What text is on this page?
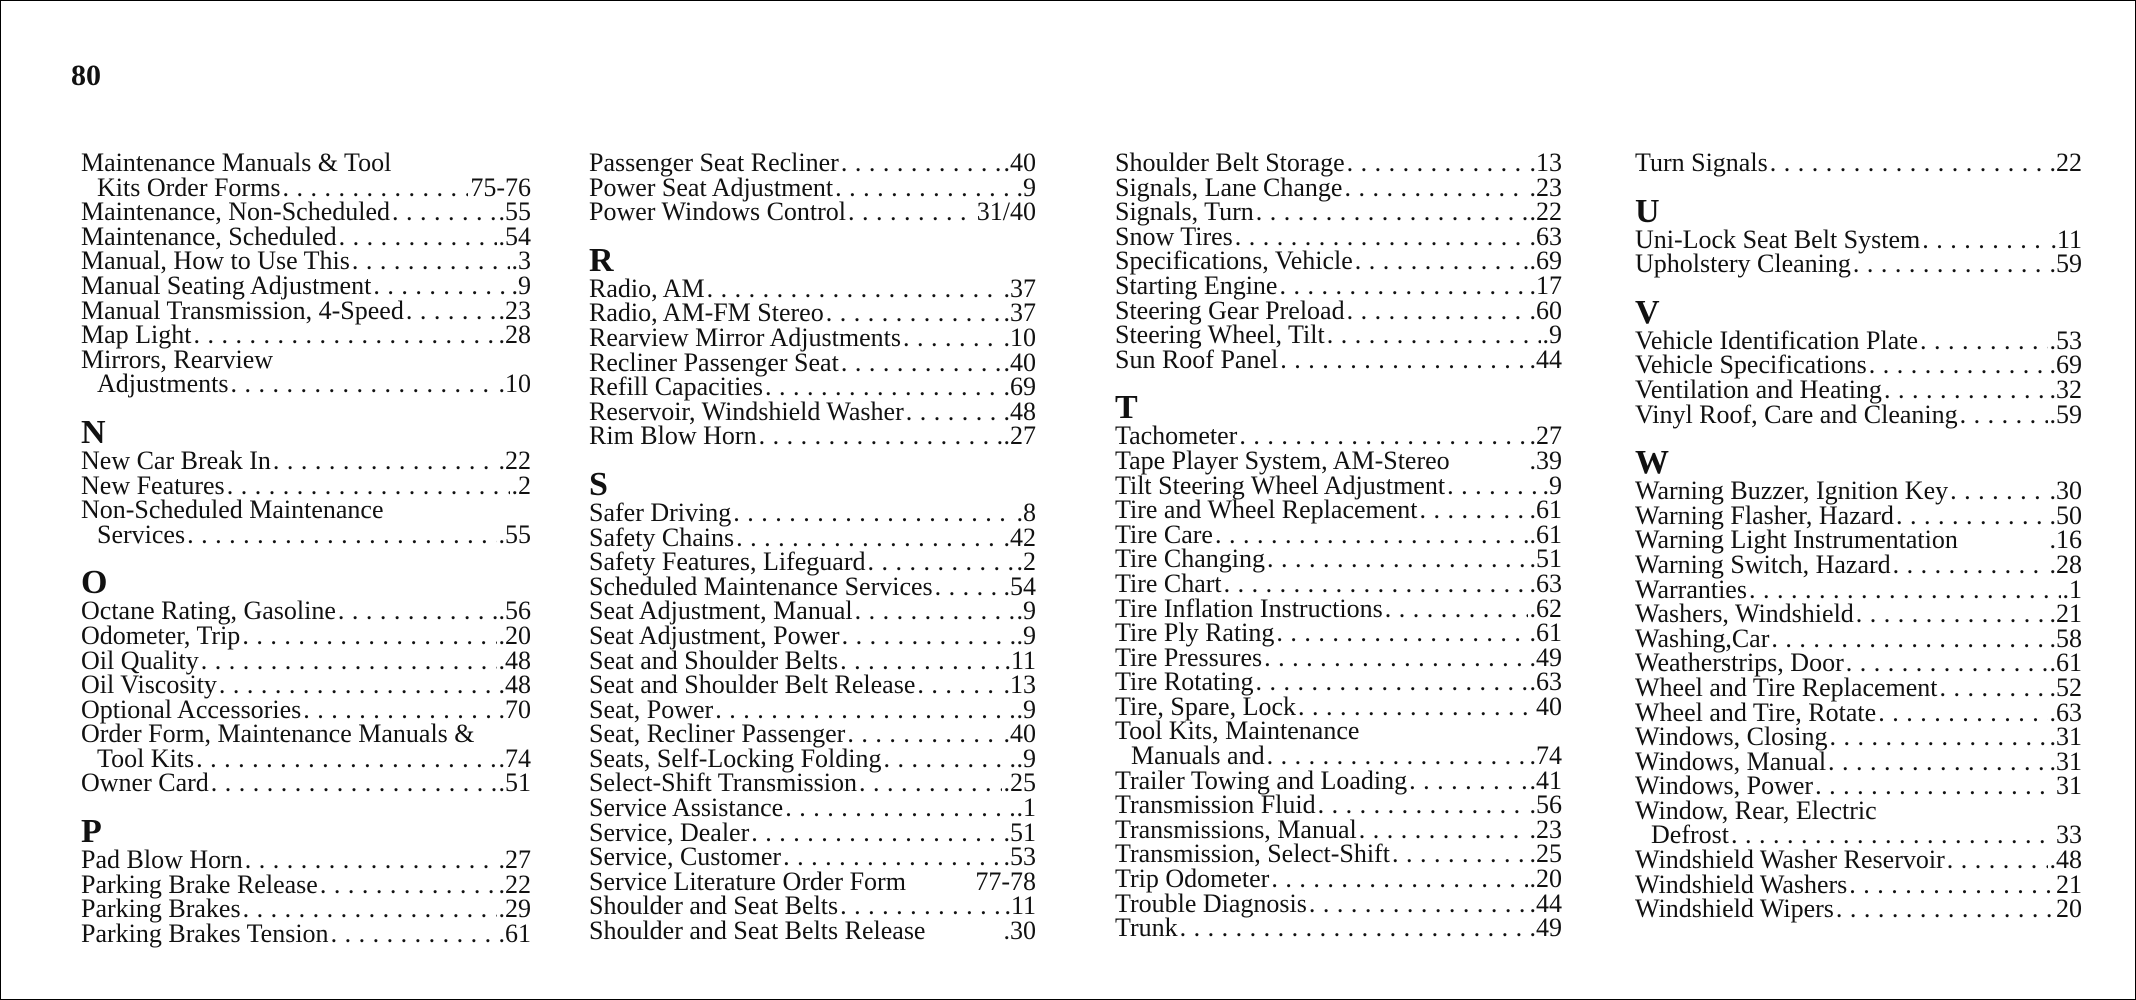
80
Maintenance Manuals & Tool
Kits Order Forms . . .	75-76
Maintenance, Non-Scheduled . . .	.55
Maintenance, Scheduled . . .	.54
Manual, How to Use This . . .	.3
Manual Seating Adjustment . . .	.9
Manual Transmission, 4-Speed . . .	.23
Map Light . . .	.28
Mirrors, Rearview
Adjustments . . .	.10
N
New Car Break In . . .	.22
New Features . . .	.2
Non-Scheduled Maintenance
Services . . .	.55
O
Octane Rating, Gasoline . . .	.56
Odometer, Trip . . .	.20
Oil Quality . . .	.48
Oil Viscosity . . .	.48
Optional Accessories . . .	.70
Order Form, Maintenance Manuals &
Tool Kits . . .	.74
Owner Card . . .	.51
P
Pad Blow Horn . . .	.27
Parking Brake Release . . .	.22
Parking Brakes . . .	.29
Parking Brakes Tension . . .	.61
Passenger Seat Recliner . . .	.40
Power Seat Adjustment . . .	.9
Power Windows Control . . .	31/40
R
Radio, AM . . .	.37
Radio, AM-FM Stereo . . .	.37
Rearview Mirror Adjustments . . .	.10
Recliner Passenger Seat . . .	.40
Refill Capacities . . .	.69
Reservoir, Windshield Washer . . .	.48
Rim Blow Horn . . .	.27
S
Safer Driving . . .	.8
Safety Chains . . .	.42
Safety Features, Lifeguard . . .	.2
Scheduled Maintenance Services . . .	.54
Seat Adjustment, Manual . . .	.9
Seat Adjustment, Power . . .	.9
Seat and Shoulder Belts . . .	.11
Seat and Shoulder Belt Release . . .	.13
Seat, Power . . .	.9
Seat, Recliner Passenger . . .	.40
Seats, Self-Locking Folding . . .	.9
Select-Shift Transmission . . .	.25
Service Assistance . . .	.1
Service, Dealer . . .	.51
Service, Customer . . .	.53
Service Literature Order Form	77-78
Shoulder and Seat Belts . . .	.11
Shoulder and Seat Belts Release	.30
Shoulder Belt Storage . . .	.13
Signals, Lane Change . . .	.23
Signals, Turn . . .	.22
Snow Tires . . .	.63
Specifications, Vehicle . . .	.69
Starting Engine . . .	.17
Steering Gear Preload . . .	.60
Steering Wheel, Tilt . . .	.9
Sun Roof Panel . . .	.44
T
Tachometer . . .	.27
Tape Player System, AM-Stereo	.39
Tilt Steering Wheel Adjustment . . .	.9
Tire and Wheel Replacement . . .	.61
Tire Care . . .	.61
Tire Changing . . .	.51
Tire Chart . . .	.63
Tire Inflation Instructions . . .	.62
Tire Ply Rating . . .	.61
Tire Pressures . . .	.49
Tire Rotating . . .	.63
Tire, Spare, Lock . . .	40
Tool Kits, Maintenance
Manuals and . . .	.74
Trailer Towing and Loading . . .	.41
Transmission Fluid . . .	.56
Transmissions, Manual . . .	.23
Transmission, Select-Shift . . .	.25
Trip Odometer . . .	.20
Trouble Diagnosis . . .	.44
Trunk . . .	.49
Turn Signals . . .	.22
U
Uni-Lock Seat Belt System . . .	.11
Upholstery Cleaning . . .	.59
V
Vehicle Identification Plate . . .	.53
Vehicle Specifications . . .	.69
Ventilation and Heating . . .	.32
Vinyl Roof, Care and Cleaning . . .	.59
W
Warning Buzzer, Ignition Key . . .	.30
Warning Flasher, Hazard . . .	.50
Warning Light Instrumentation	.16
Warning Switch, Hazard . . .	.28
Warranties . . .	.1
Washers, Windshield . . .	.21
Washing,Car . . .	.58
Weatherstrips, Door . . .	.61
Wheel and Tire Replacement . . .	.52
Wheel and Tire, Rotate . . .	.63
Windows, Closing . . .	.31
Windows, Manual . . .	.31
Windows, Power . . .	31
Window, Rear, Electric
Defrost . . .	33
Windshield Washer Reservoir . . .	.48
Windshield Washers . . .	21
Windshield Wipers . . .	20
